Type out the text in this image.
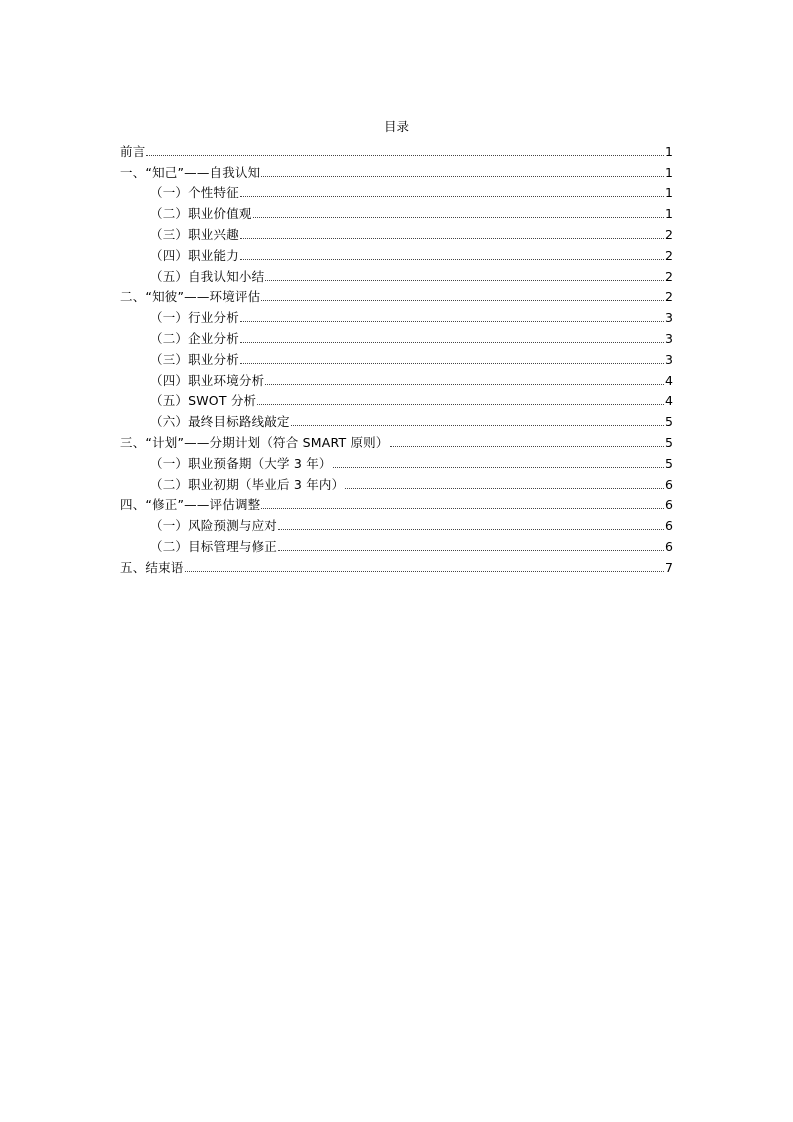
目录
前言	1
一、“知己”——自我认知	1
（一）个性特征	1
（二）职业价值观	1
（三）职业兴趣	2
（四）职业能力	2
（五）自我认知小结	2
二、“知彼”——环境评估	2
（一）行业分析	3
（二）企业分析	3
（三）职业分析	3
（四）职业环境分析	4
（五）SWOT 分析	4
（六）最终目标路线敲定	5
三、“计划”——分期计划（符合 SMART 原则）	5
（一）职业预备期（大学 3 年）	5
（二）职业初期（毕业后 3 年内）	6
四、“修正”——评估调整	6
（一）风险预测与应对	6
（二）目标管理与修正	6
五、结束语	7
